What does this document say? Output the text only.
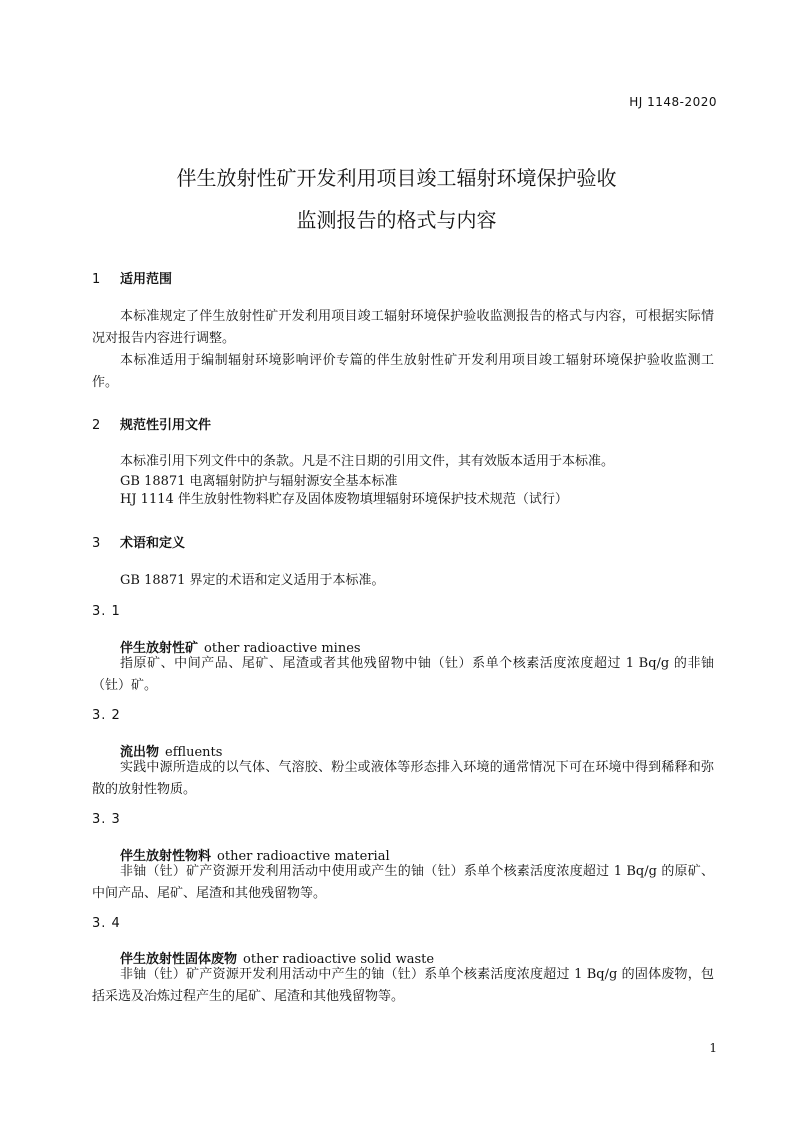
HJ 1148-2020
伴生放射性矿开发利用项目竣工辐射环境保护验收
监测报告的格式与内容
1 适用范围
本标准规定了伴生放射性矿开发利用项目竣工辐射环境保护验收监测报告的格式与内容，可根据实际情况对报告内容进行调整。
本标准适用于编制辐射环境影响评价专篇的伴生放射性矿开发利用项目竣工辐射环境保护验收监测工作。
2 规范性引用文件
本标准引用下列文件中的条款。凡是不注日期的引用文件，其有效版本适用于本标准。
GB 18871 电离辐射防护与辐射源安全基本标准
HJ 1114 伴生放射性物料贮存及固体废物填埋辐射环境保护技术规范（试行）
3 术语和定义
GB 18871 界定的术语和定义适用于本标准。
3. 1
伴生放射性矿 other radioactive mines
指原矿、中间产品、尾矿、尾渣或者其他残留物中铀（钍）系单个核素活度浓度超过 1 Bq/g 的非铀（钍）矿。
3. 2
流出物 effluents
实践中源所造成的以气体、气溶胶、粉尘或液体等形态排入环境的通常情况下可在环境中得到稀释和弥散的放射性物质。
3. 3
伴生放射性物料 other radioactive material
非铀（钍）矿产资源开发利用活动中使用或产生的铀（钍）系单个核素活度浓度超过 1 Bq/g 的原矿、中间产品、尾矿、尾渣和其他残留物等。
3. 4
伴生放射性固体废物 other radioactive solid waste
非铀（钍）矿产资源开发利用活动中产生的铀（钍）系单个核素活度浓度超过 1 Bq/g 的固体废物，包括采选及冶炼过程产生的尾矿、尾渣和其他残留物等。
1
